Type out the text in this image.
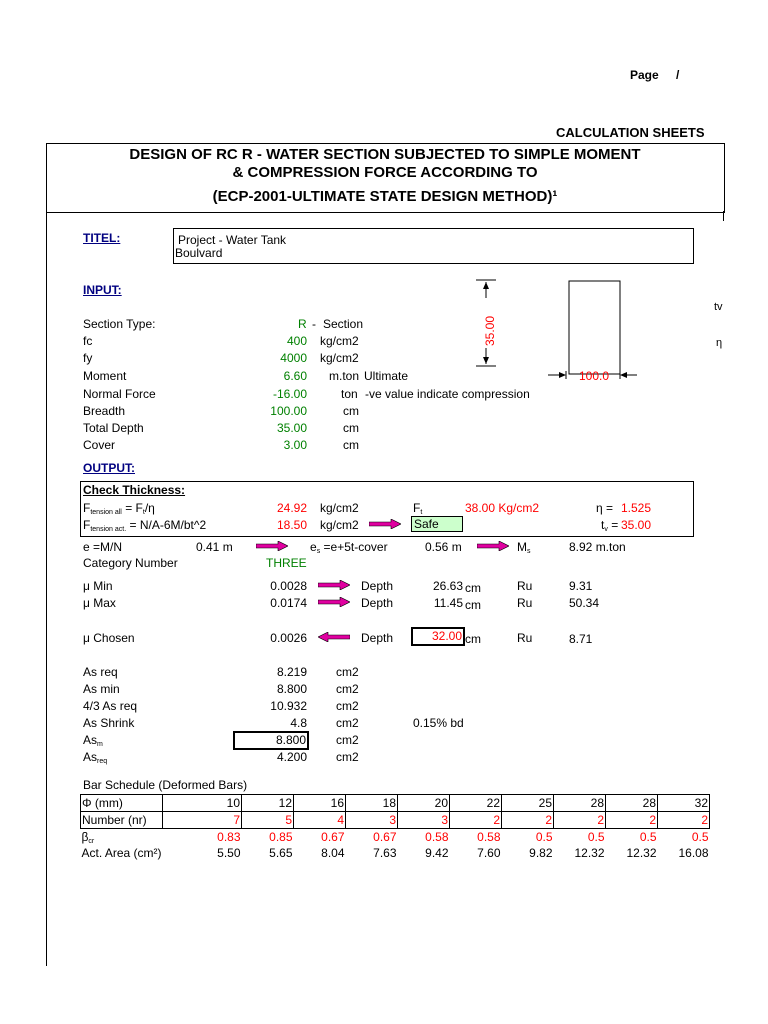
Page /
CALCULATION SHEETS
DESIGN OF RC R - WATER SECTION SUBJECTED TO SIMPLE MOMENT
& COMPRESSION FORCE ACCORDING TO
(ECP-2001-ULTIMATE STATE DESIGN METHOD)¹
TITEL:	Project - Water Tank
Boulvard
INPUT:
Section Type:	R - Section
fc	400 kg/cm2
fy	4000 kg/cm2
Moment	6.60 m.ton Ultimate
Normal Force	-16.00	ton -ve value indicate compression
Breadth	100.00	cm
Total Depth	35.00	cm
Cover	3.00	cm
35.00
100.0
tv
η
OUTPUT:
Check Thickness:
$F_{tension all} = F_t/\eta$	24.92 kg/cm2	$F_t$	38.00 Kg/cm2	η = 1.525
$F_{tension act.}$ = N/A-6M/bt^2	18.50 kg/cm2	Safe	$t_v = 35.00$
e =M/N	0.41 m	$e_s$ =e+5t-cover	0.56 m	$M_s$	8.92 m.ton
Category Number	THREE
μ Min	0.0028	Depth	26.63 cm	Ru	9.31
μ Max	0.0174	Depth	11.45 cm	Ru	50.34
μ Chosen	0.0026	Depth	32.00 cm	Ru	8.71
As req	8.219 cm2
As min	8.800 cm2
4/3 As req	10.932 cm2
As Shrink	4.8 cm2	0.15% bd
$As_m$	8.800	cm2
$As_{req}$	4.200 cm2
Bar Schedule (Deformed Bars)
Φ (mm)	10	12	16	18	20	22	25	28	28	32
Number (nr)	7	5	4	3	3	2	2	2	2	2
$\beta_{cr}$	0.83	0.85	0.67	0.67	0.58	0.58	0.5	0.5	0.5	0.5
Act. Area (cm²)	5.50	5.65	8.04	7.63	9.42	7.60	9.82	12.32	12.32	16.08
